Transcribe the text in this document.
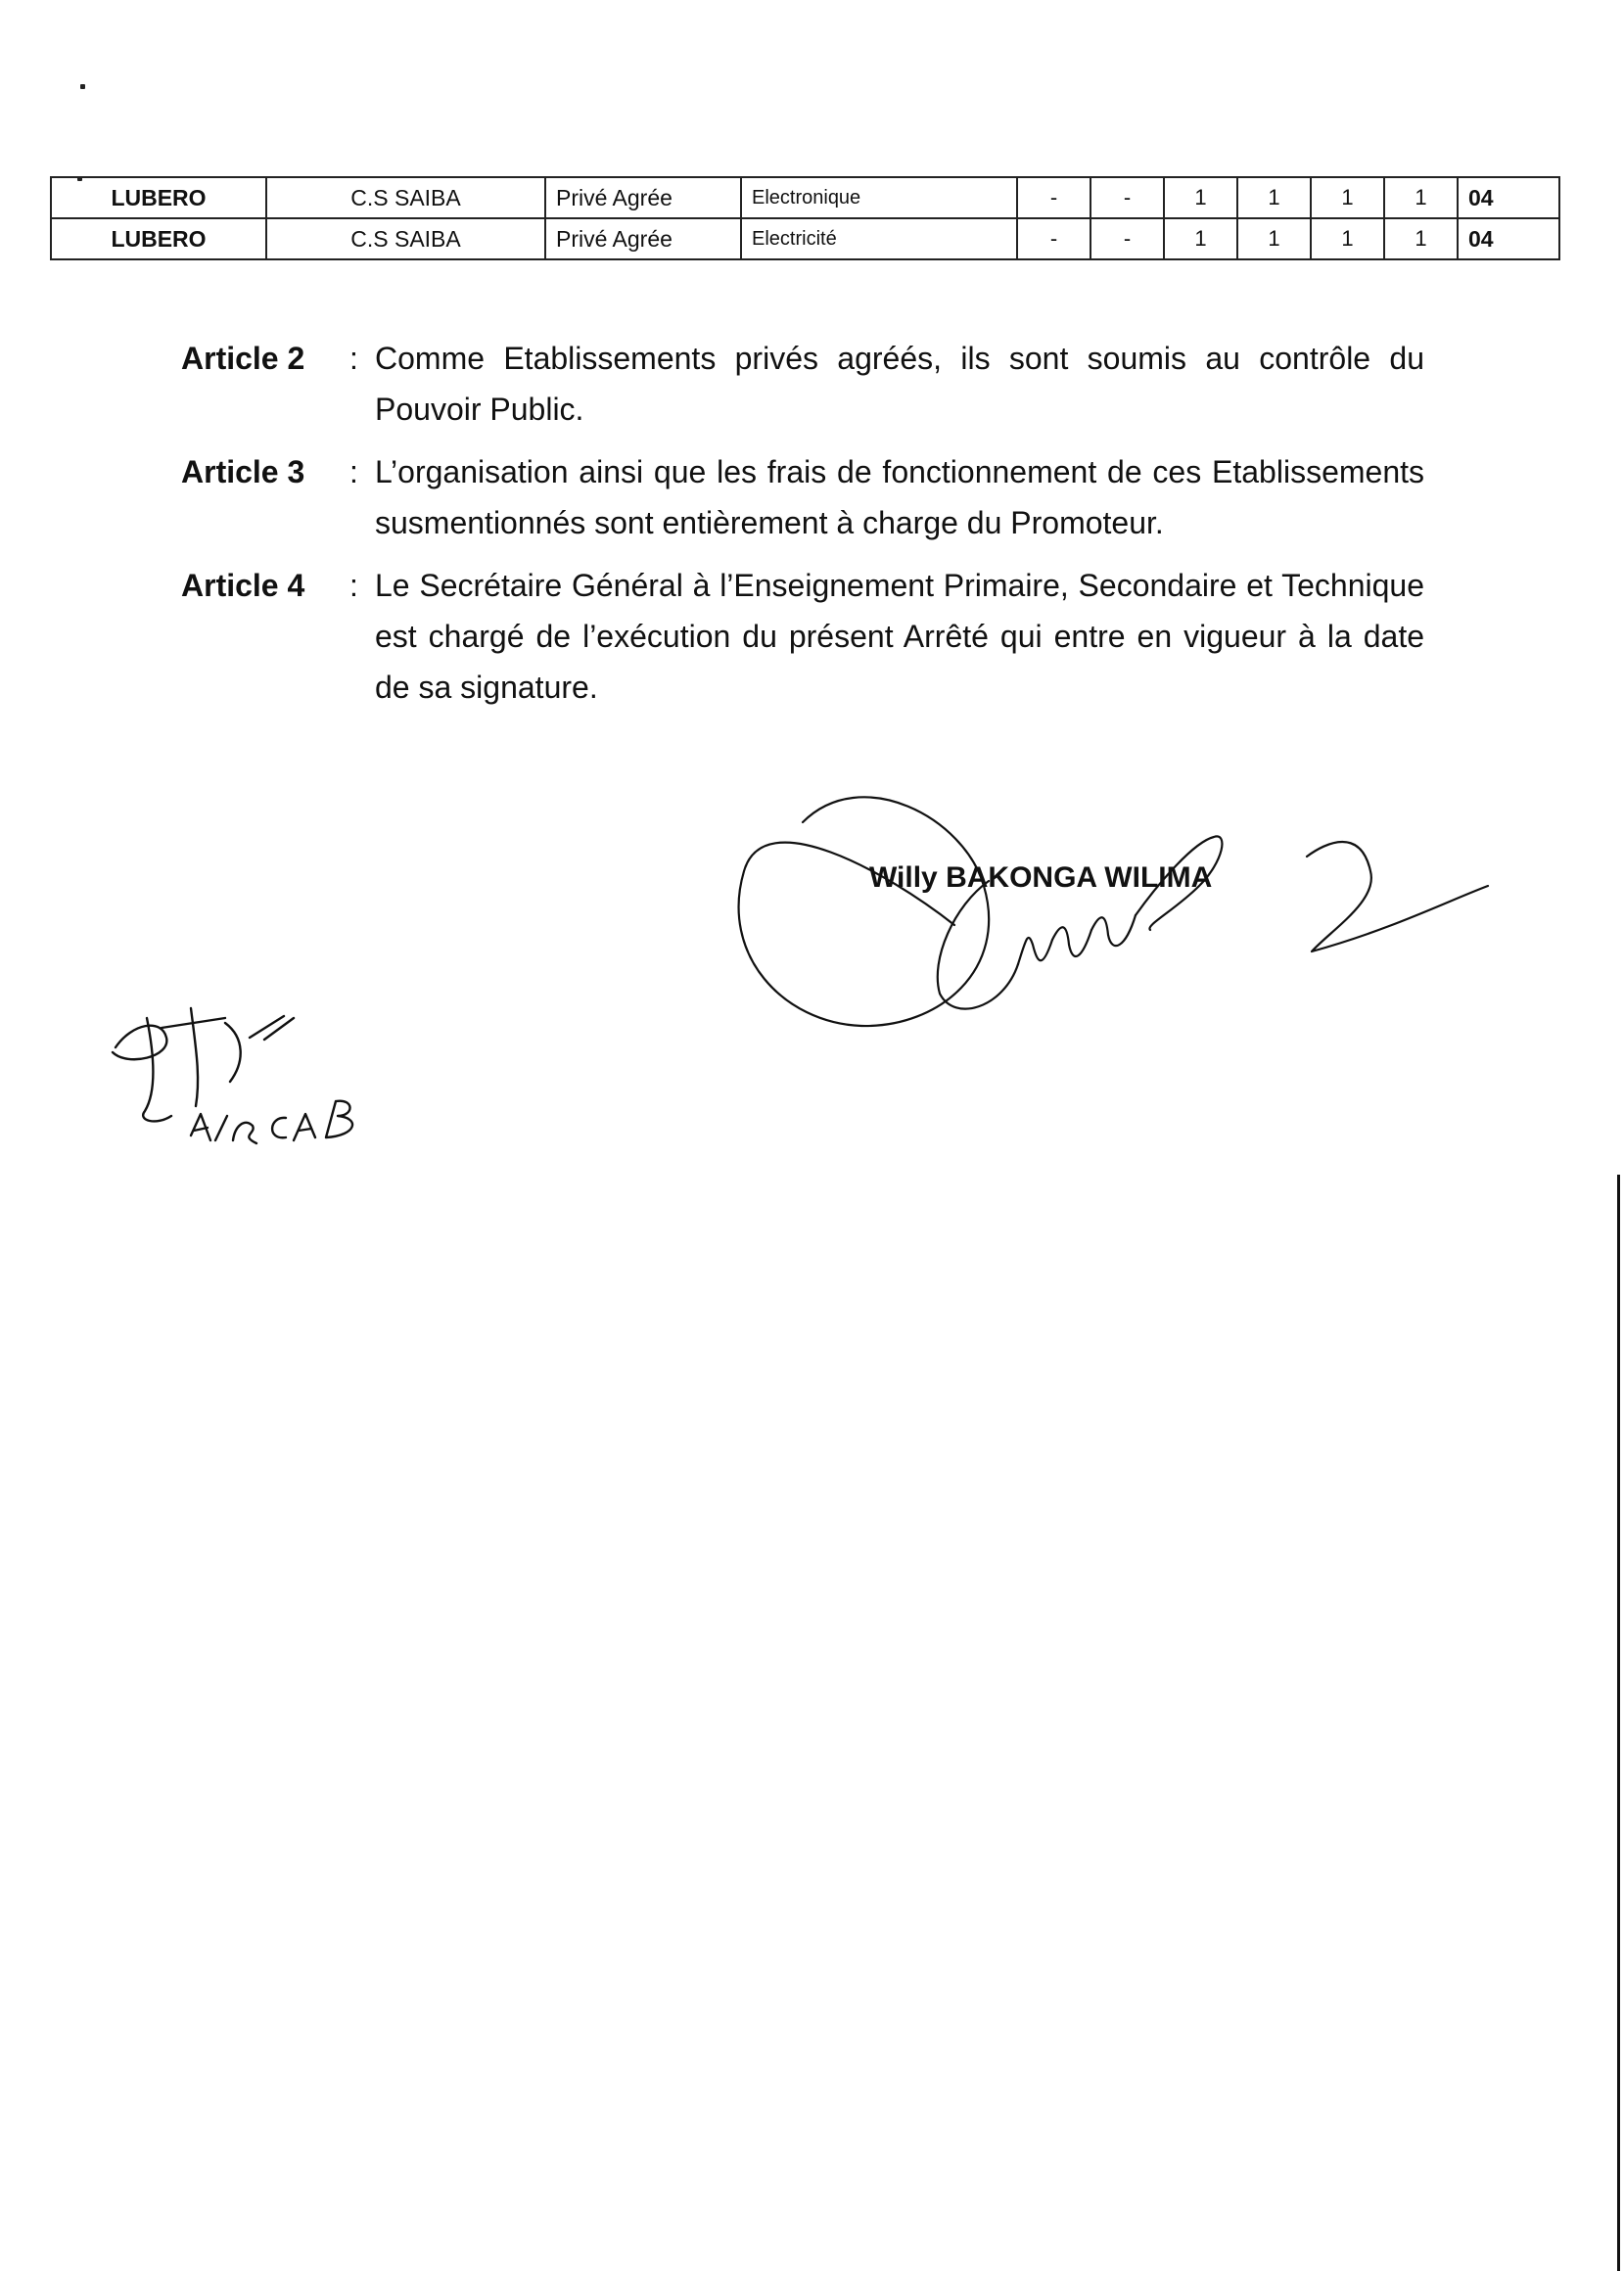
LUBERO	C.S SAIBA	Privé Agrée	Electronique	-	-	1	1	1	1	04
LUBERO	C.S SAIBA	Privé Agrée	Electricité	-	-	1	1	1	1	04
Article 2 : Comme Etablissements privés agréés, ils sont soumis au contrôle du Pouvoir Public.
Article 3 : L’organisation ainsi que les frais de fonctionnement de ces Etablissements susmentionnés sont entièrement à charge du Promoteur.
Article 4 : Le Secrétaire Général à l’Enseignement Primaire, Secondaire et Technique est chargé de l’exécution du présent Arrêté qui entre en vigueur à la date de sa signature.
Willy BAKONGA WILIMA
